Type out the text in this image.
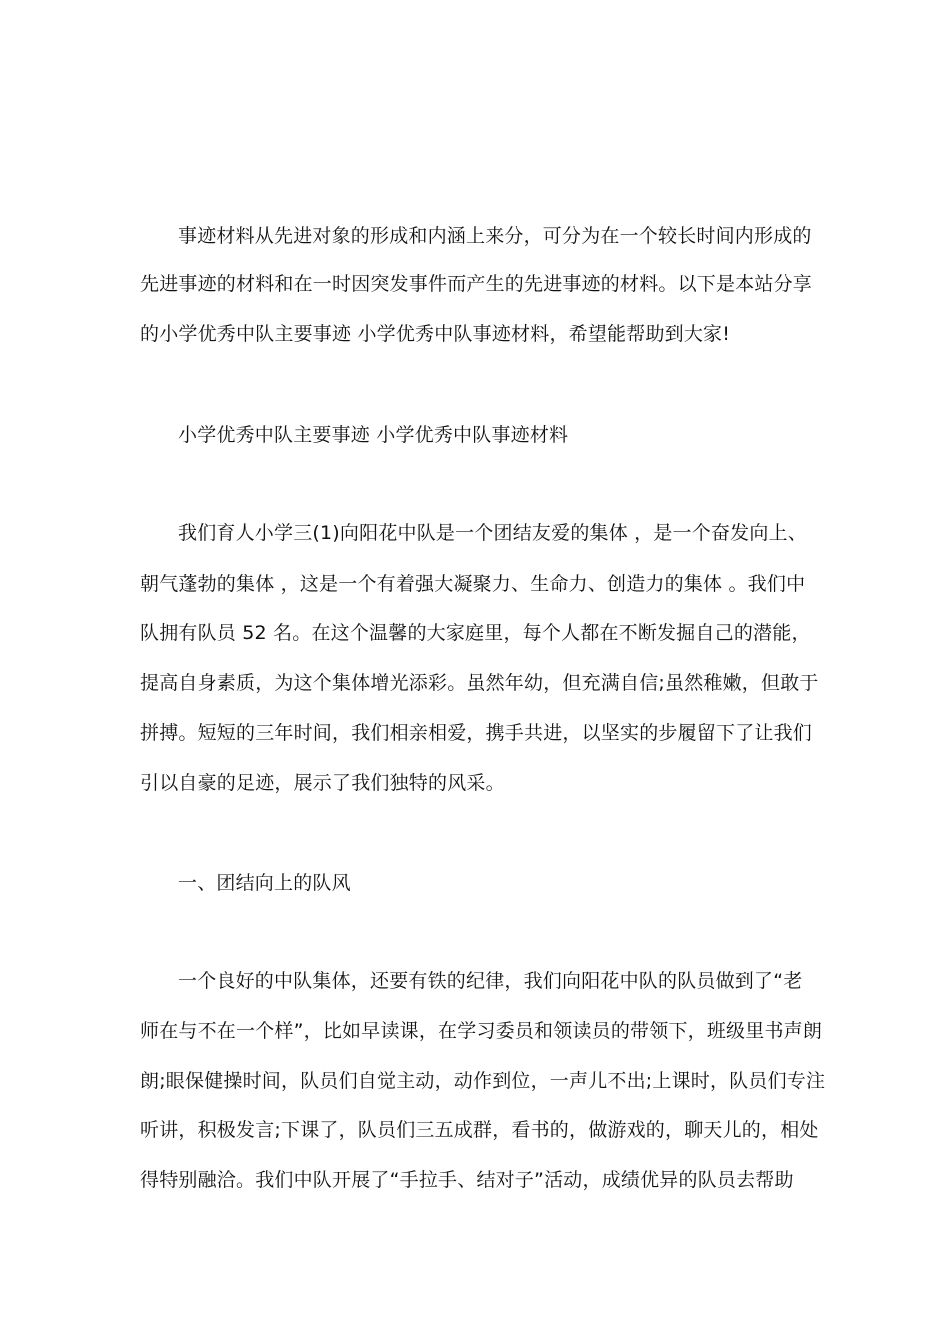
事迹材料从先进对象的形成和内涵上来分，可分为在一个较长时间内形成的
先进事迹的材料和在一时因突发事件而产生的先进事迹的材料。以下是本站分享
的小学优秀中队主要事迹 小学优秀中队事迹材料，希望能帮助到大家!
小学优秀中队主要事迹 小学优秀中队事迹材料
我们育人小学三(1)向阳花中队是一个团结友爱的集体 ，是一个奋发向上、
朝气蓬勃的集体 ，这是一个有着强大凝聚力、生命力、创造力的集体 。我们中
队拥有队员 52 名。在这个温馨的大家庭里，每个人都在不断发掘自己的潜能，
提高自身素质，为这个集体增光添彩。虽然年幼，但充满自信;虽然稚嫩，但敢于
拼搏。短短的三年时间，我们相亲相爱，携手共进，以坚实的步履留下了让我们
引以自豪的足迹，展示了我们独特的风采。
一、团结向上的队风
一个良好的中队集体，还要有铁的纪律，我们向阳花中队的队员做到了“老
师在与不在一个样”，比如早读课，在学习委员和领读员的带领下，班级里书声朗
朗;眼保健操时间，队员们自觉主动，动作到位，一声儿不出;上课时，队员们专注
听讲，积极发言;下课了，队员们三五成群，看书的，做游戏的，聊天儿的，相处
得特别融洽。我们中队开展了“手拉手、结对子”活动，成绩优异的队员去帮助
